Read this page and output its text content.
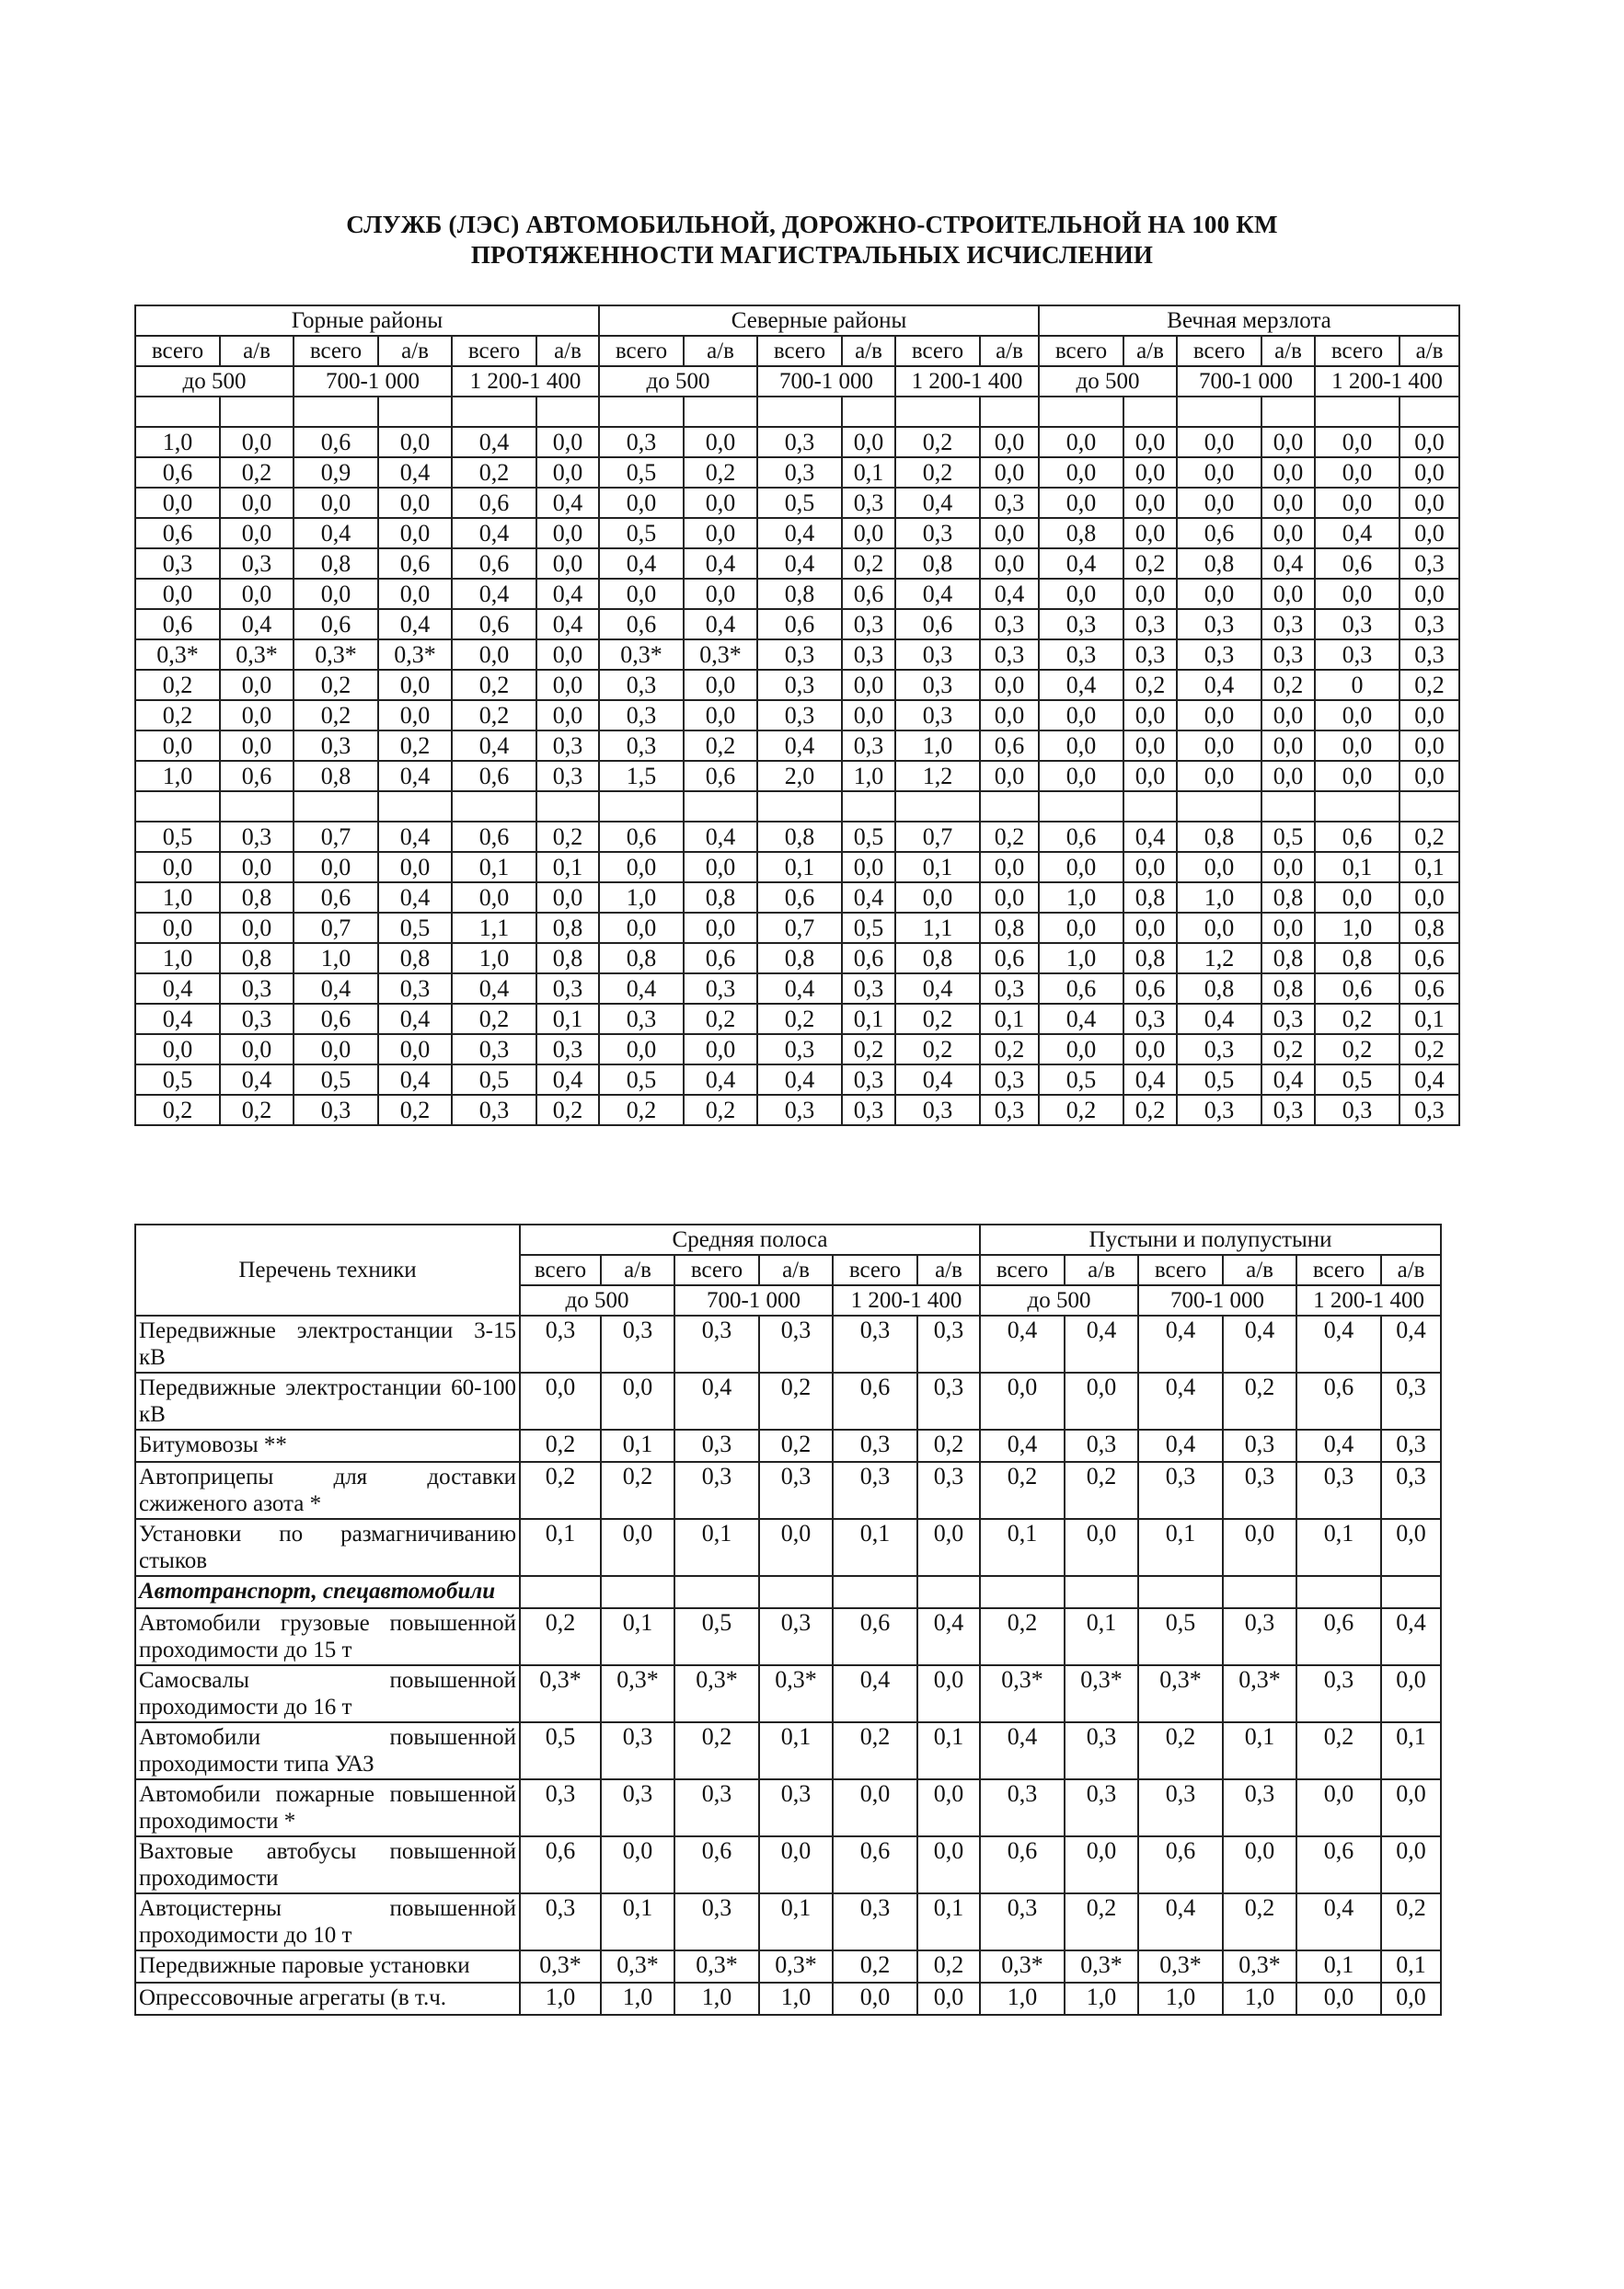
СЛУЖБ (ЛЭС) АВТОМОБИЛЬНОЙ, ДОРОЖНО-СТРОИТЕЛЬНОЙ НА 100 КМ
ПРОТЯЖЕННОСТИ МАГИСТРАЛЬНЫХ ИСЧИСЛЕНИИ
Горные районы						Северные районы						Вечная мерзлота					
всего	а/в	всего	а/в	всего	а/в	всего	а/в	всего	а/в	всего	а/в	всего	а/в	всего	а/в	всего	а/в
до 500		700-1 000		1 200-1 400		до 500		700-1 000		1 200-1 400		до 500		700-1 000		1 200-1 400	

1,0	0,0	0,6	0,0	0,4	0,0	0,3	0,0	0,3	0,0	0,2	0,0	0,0	0,0	0,0	0,0	0,0	0,0
0,6	0,2	0,9	0,4	0,2	0,0	0,5	0,2	0,3	0,1	0,2	0,0	0,0	0,0	0,0	0,0	0,0	0,0
0,0	0,0	0,0	0,0	0,6	0,4	0,0	0,0	0,5	0,3	0,4	0,3	0,0	0,0	0,0	0,0	0,0	0,0
0,6	0,0	0,4	0,0	0,4	0,0	0,5	0,0	0,4	0,0	0,3	0,0	0,8	0,0	0,6	0,0	0,4	0,0
0,3	0,3	0,8	0,6	0,6	0,0	0,4	0,4	0,4	0,2	0,8	0,0	0,4	0,2	0,8	0,4	0,6	0,3
0,0	0,0	0,0	0,0	0,4	0,4	0,0	0,0	0,8	0,6	0,4	0,4	0,0	0,0	0,0	0,0	0,0	0,0
0,6	0,4	0,6	0,4	0,6	0,4	0,6	0,4	0,6	0,3	0,6	0,3	0,3	0,3	0,3	0,3	0,3	0,3
0,3*	0,3*	0,3*	0,3*	0,0	0,0	0,3*	0,3*	0,3	0,3	0,3	0,3	0,3	0,3	0,3	0,3	0,3	0,3
0,2	0,0	0,2	0,0	0,2	0,0	0,3	0,0	0,3	0,0	0,3	0,0	0,4	0,2	0,4	0,2	0	0,2
0,2	0,0	0,2	0,0	0,2	0,0	0,3	0,0	0,3	0,0	0,3	0,0	0,0	0,0	0,0	0,0	0,0	0,0
0,0	0,0	0,3	0,2	0,4	0,3	0,3	0,2	0,4	0,3	1,0	0,6	0,0	0,0	0,0	0,0	0,0	0,0
1,0	0,6	0,8	0,4	0,6	0,3	1,5	0,6	2,0	1,0	1,2	0,0	0,0	0,0	0,0	0,0	0,0	0,0

0,5	0,3	0,7	0,4	0,6	0,2	0,6	0,4	0,8	0,5	0,7	0,2	0,6	0,4	0,8	0,5	0,6	0,2
0,0	0,0	0,0	0,0	0,1	0,1	0,0	0,0	0,1	0,0	0,1	0,0	0,0	0,0	0,0	0,0	0,1	0,1
1,0	0,8	0,6	0,4	0,0	0,0	1,0	0,8	0,6	0,4	0,0	0,0	1,0	0,8	1,0	0,8	0,0	0,0
0,0	0,0	0,7	0,5	1,1	0,8	0,0	0,0	0,7	0,5	1,1	0,8	0,0	0,0	0,0	0,0	1,0	0,8
1,0	0,8	1,0	0,8	1,0	0,8	0,8	0,6	0,8	0,6	0,8	0,6	1,0	0,8	1,2	0,8	0,8	0,6
0,4	0,3	0,4	0,3	0,4	0,3	0,4	0,3	0,4	0,3	0,4	0,3	0,6	0,6	0,8	0,8	0,6	0,6
0,4	0,3	0,6	0,4	0,2	0,1	0,3	0,2	0,2	0,1	0,2	0,1	0,4	0,3	0,4	0,3	0,2	0,1
0,0	0,0	0,0	0,0	0,3	0,3	0,0	0,0	0,3	0,2	0,2	0,2	0,0	0,0	0,3	0,2	0,2	0,2
0,5	0,4	0,5	0,4	0,5	0,4	0,5	0,4	0,4	0,3	0,4	0,3	0,5	0,4	0,5	0,4	0,5	0,4
0,2	0,2	0,3	0,2	0,3	0,2	0,2	0,2	0,3	0,3	0,3	0,3	0,2	0,2	0,3	0,3	0,3	0,3
Перечень техники	Средняя полоса						Пустыни и полупустыни					
	всего	а/в	всего	а/в	всего	а/в	всего	а/в	всего	а/в	всего	а/в
	до 500		700-1 000		1 200-1 400		до 500		700-1 000		1 200-1 400	
Передвижные электростанции 3-15 кВ	0,3	0,3	0,3	0,3	0,3	0,3	0,4	0,4	0,4	0,4	0,4	0,4
Передвижные электростанции 60-100 кВ	0,0	0,0	0,4	0,2	0,6	0,3	0,0	0,0	0,4	0,2	0,6	0,3
Битумовозы **	0,2	0,1	0,3	0,2	0,3	0,2	0,4	0,3	0,4	0,3	0,4	0,3
Автоприцепы для доставки сжиженого азота *	0,2	0,2	0,3	0,3	0,3	0,3	0,2	0,2	0,3	0,3	0,3	0,3
Установки по размагничиванию стыков	0,1	0,0	0,1	0,0	0,1	0,0	0,1	0,0	0,1	0,0	0,1	0,0
Автотранспорт, спецавтомобили												
Автомобили грузовые повышенной проходимости до 15 т	0,2	0,1	0,5	0,3	0,6	0,4	0,2	0,1	0,5	0,3	0,6	0,4
Самосвалы повышенной проходимости до 16 т	0,3*	0,3*	0,3*	0,3*	0,4	0,0	0,3*	0,3*	0,3*	0,3*	0,3	0,0
Автомобили повышенной проходимости типа УАЗ	0,5	0,3	0,2	0,1	0,2	0,1	0,4	0,3	0,2	0,1	0,2	0,1
Автомобили пожарные повышенной проходимости *	0,3	0,3	0,3	0,3	0,0	0,0	0,3	0,3	0,3	0,3	0,0	0,0
Вахтовые автобусы повышенной проходимости	0,6	0,0	0,6	0,0	0,6	0,0	0,6	0,0	0,6	0,0	0,6	0,0
Автоцистерны повышенной проходимости до 10 т	0,3	0,1	0,3	0,1	0,3	0,1	0,3	0,2	0,4	0,2	0,4	0,2
Передвижные паровые установки	0,3*	0,3*	0,3*	0,3*	0,2	0,2	0,3*	0,3*	0,3*	0,3*	0,1	0,1
Опрессовочные агрегаты (в т.ч.	1,0	1,0	1,0	1,0	0,0	0,0	1,0	1,0	1,0	1,0	0,0	0,0
